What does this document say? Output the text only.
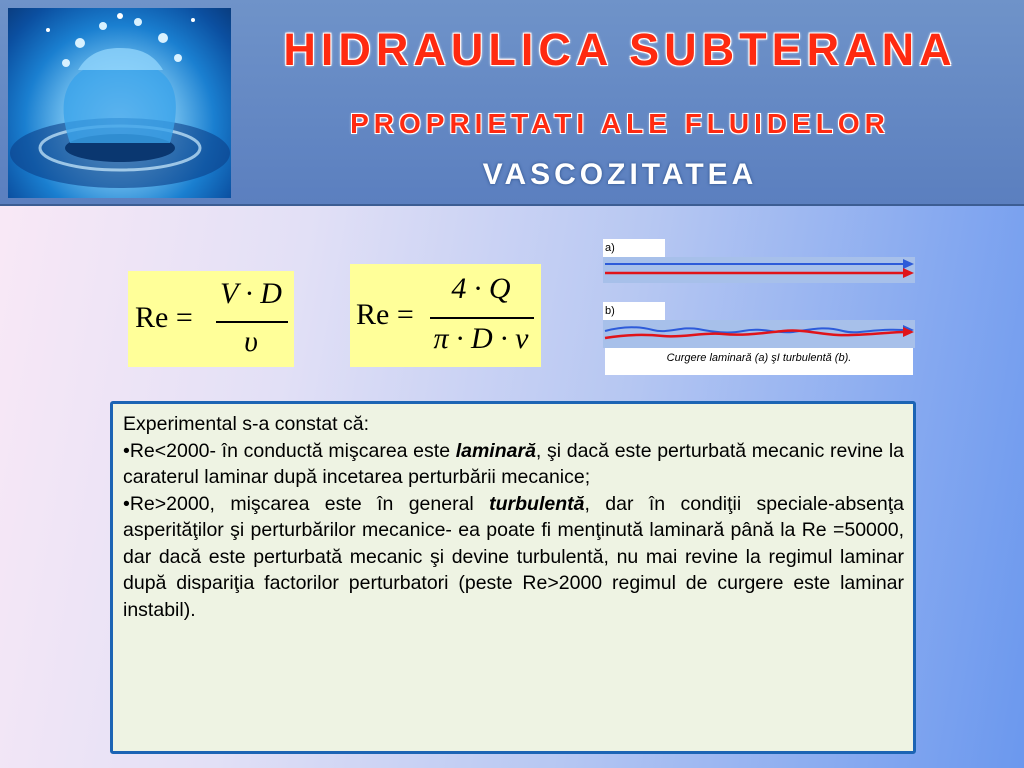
HIDRAULICA SUBTERANA
PROPRIETATI ALE FLUIDELOR
VASCOZITATEA
Re =
V · D
υ
Re =
4 · Q
π · D · ν
a)
b)
Curgere laminară (a) şI turbulentă (b).

Experimental s-a constat că:

•Re<2000- în conductă mişcarea este laminară, şi dacă este perturbată mecanic revine la caraterul laminar după incetarea perturbării mecanice;

•Re>2000, mişcarea este în general turbulentă, dar în condiţii speciale-absenţa asperităţilor şi perturbărilor mecanice- ea poate fi menţinută laminară până la Re =50000, dar dacă este perturbată mecanic şi devine turbulentă, nu mai revine la regimul laminar după dispariţia factorilor perturbatori (peste Re>2000 regimul de curgere este laminar instabil).
